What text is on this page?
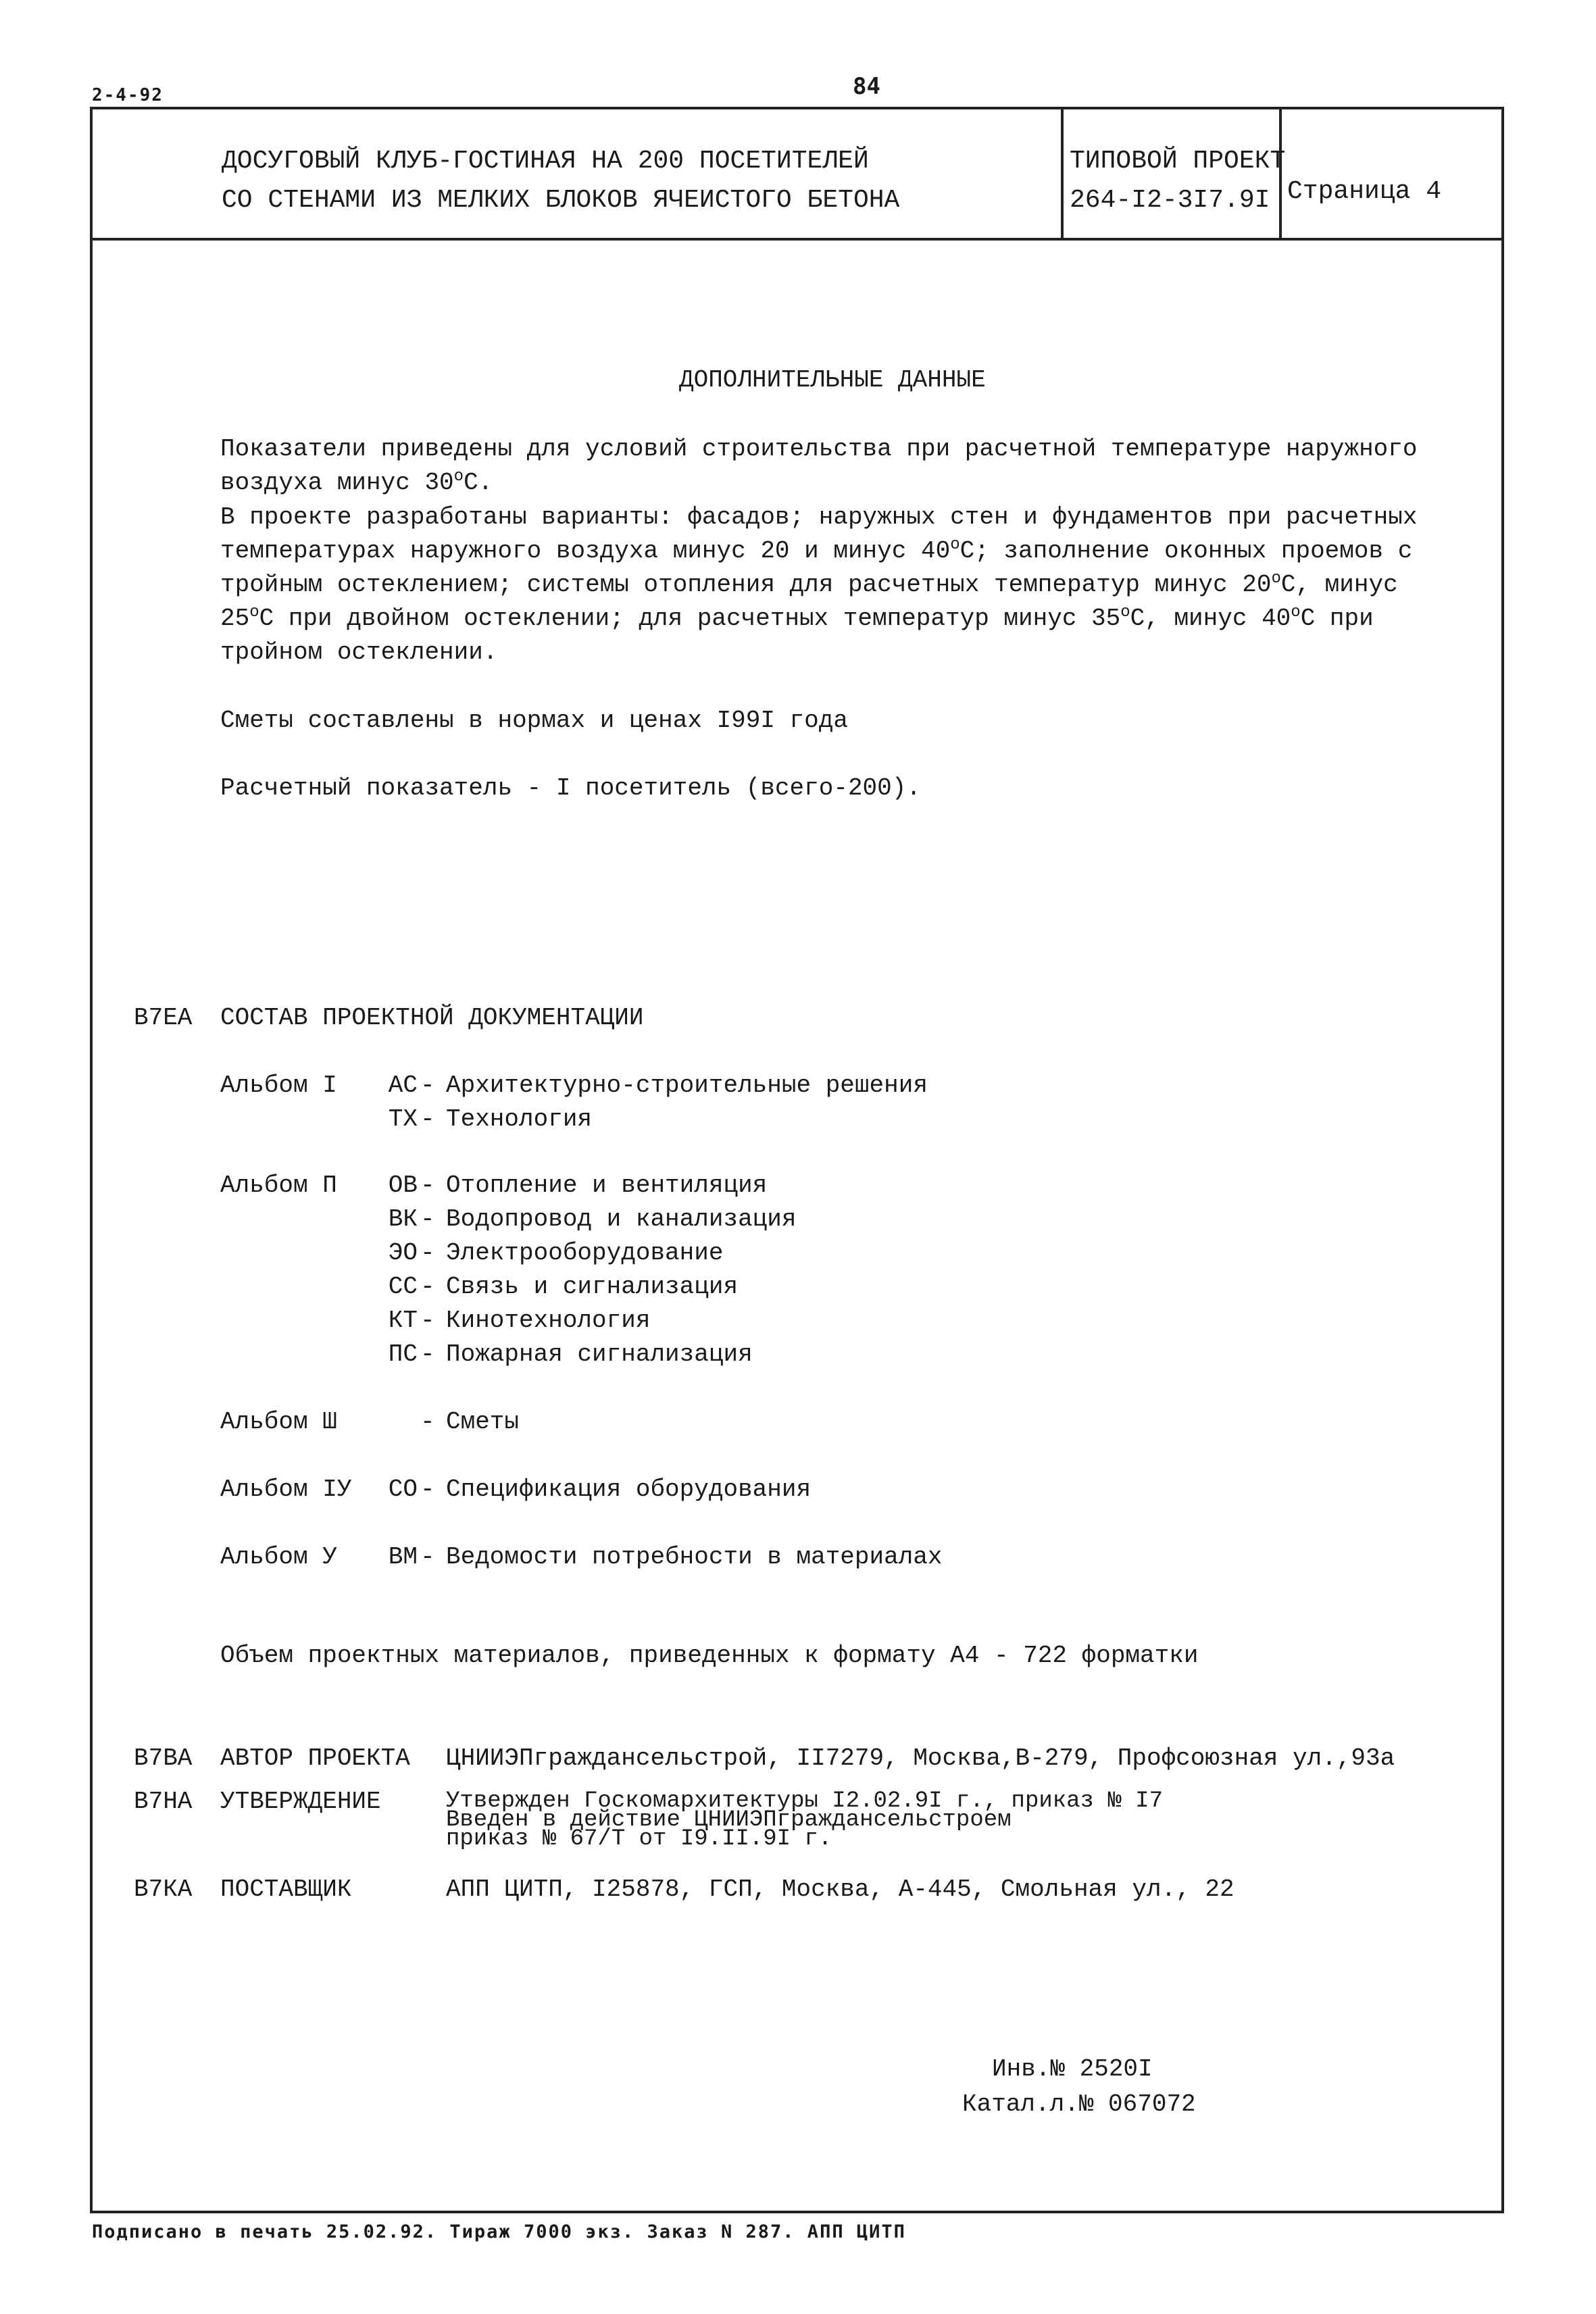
2-4-92	84
ДОСУГОВЫЙ КЛУБ-ГОСТИНАЯ НА 200 ПОСЕТИТЕЛЕЙ
СО СТЕНАМИ ИЗ МЕЛКИХ БЛОКОВ ЯЧЕИСТОГО БЕТОНА
ТИПОВОЙ ПРОЕКТ
264-I2-3I7.9I Страница 4
ДОПОЛНИТЕЛЬНЫЕ ДАННЫЕ
Показатели приведены для условий строительства при расчетной температуре наружного воздуха минус $30^оС$.
В проекте разработаны варианты: фасадов; наружных стен и фундаментов при расчетных температурах наружного воздуха минус 20 и минус $40^оС$; заполнение оконных проемов с тройным остеклением; системы отопления для расчетных температур минус $20^оС$, минус $25^оС$ при двойном остеклении; для расчетных температур минус $35^оС$, минус $40^оС$ при тройном остеклении.
Сметы составлены в нормах и ценах I99I года
Расчетный показатель - I посетитель (всего-200).
В7ЕА СОСТАВ ПРОЕКТНОЙ ДОКУМЕНТАЦИИ
Альбом I	АС - Архитектурно-строительные решения
ТХ - Технология
Альбом П	ОВ - Отопление и вентиляция
ВК - Водопровод и канализация
ЭО - Электрооборудование
СС - Связь и сигнализация
КТ - Кинотехнология
ПС - Пожарная сигнализация
Альбом Ш	- Сметы
Альбом IУ	СО - Спецификация оборудования
Альбом У	ВМ - Ведомости потребности в материалах
Объем проектных материалов, приведенных к формату А4 - 722 форматки
В7ВА АВТОР ПРОЕКТА ЦНИИЭПграждансельстрой, II7279, Москва,В-279, Профсоюзная ул.,93а
В7НА УТВЕРЖДЕНИЕ	Утвержден Госкомархитектуры I2.02.9I г., приказ № I7
Введен в действие ЦНИИЭПграждансельстроем
приказ № 67/Т от I9.II.9I г.
В7КА ПОСТАВЩИК	АПП ЦИТП, I25878, ГСП, Москва, А-445, Смольная ул., 22
Инв.№ 2520I
Катал.л.№ 067072
Подписано в печать 25.02.92. Тираж 7000 экз. Заказ N 287. АПП ЦИТП
